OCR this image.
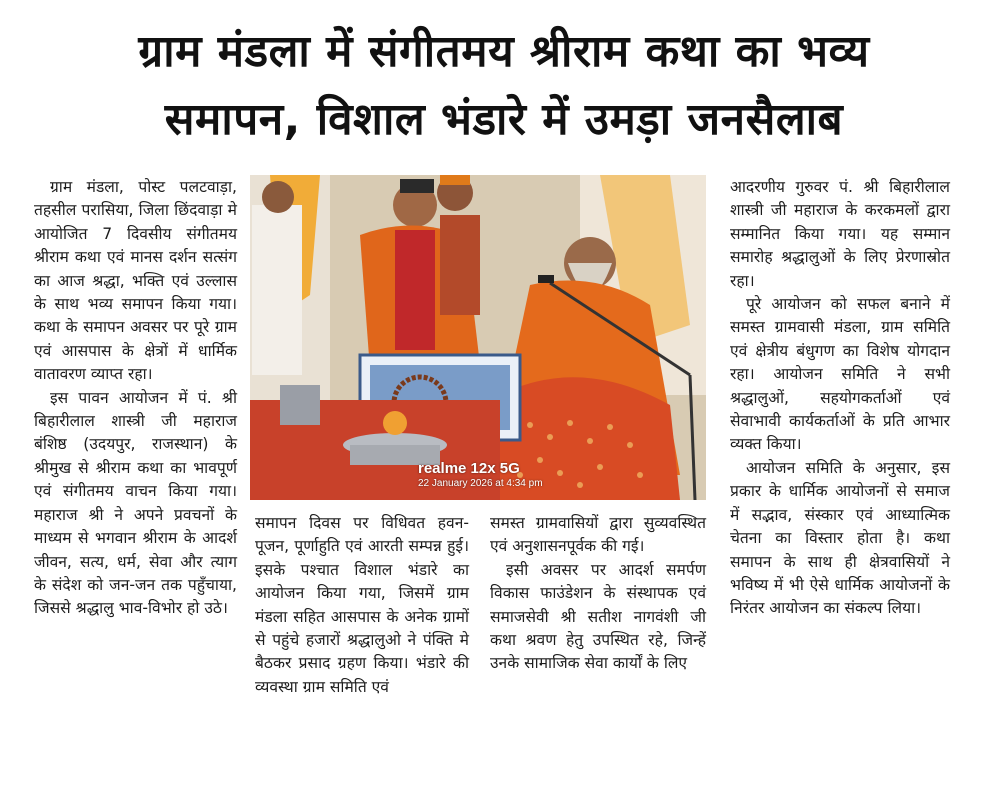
ग्राम मंडला में संगीतमय श्रीराम कथा का भव्य
समापन, विशाल भंडारे में उमड़ा जनसैलाब

ग्राम मंडला, पोस्ट पलटवाड़ा, तहसील परासिया, जिला छिंदवाड़ा मे आयोजित 7 दिवसीय संगीतमय श्रीराम कथा एवं मानस दर्शन सत्संग का आज श्रद्धा, भक्ति एवं उल्लास के साथ भव्य समापन किया गया। कथा के समापन अवसर पर पूरे ग्राम एवं आसपास के क्षेत्रों में धार्मिक वातावरण व्याप्त रहा।

इस पावन आयोजन में पं. श्री बिहारीलाल शास्त्री जी महाराज बंशिष्ठ (उदयपुर, राजस्थान) के श्रीमुख से श्रीराम कथा का भावपूर्ण एवं संगीतमय वाचन किया गया। महाराज श्री ने अपने प्रवचनों के माध्यम से भगवान श्रीराम के आदर्श जीवन, सत्य, धर्म, सेवा और त्याग के संदेश को जन-जन तक पहुँचाया, जिससे श्रद्धालु भाव-विभोर हो उठे।

realme 12x 5G
22 January 2026 at 4:34 pm

समापन दिवस पर विधिवत हवन-पूजन, पूर्णाहुति एवं आरती सम्पन्न हुई। इसके पश्चात विशाल भंडारे का आयोजन किया गया, जिसमें ग्राम मंडला सहित आसपास के अनेक ग्रामों से पहुंचे हजारों श्रद्धालुओ ने पंक्ति मे बैठकर प्रसाद ग्रहण किया। भंडारे की व्यवस्था ग्राम समिति एवं

समस्त ग्रामवासियों द्वारा सुव्यवस्थित एवं अनुशासनपूर्वक की गई।

इसी अवसर पर आदर्श समर्पण विकास फाउंडेशन के संस्थापक एवं समाजसेवी श्री सतीश नागवंशी जी कथा श्रवण हेतु उपस्थित रहे, जिन्हें उनके सामाजिक सेवा कार्यों के लिए

आदरणीय गुरुवर पं. श्री बिहारीलाल शास्त्री जी महाराज के करकमलों द्वारा सम्मानित किया गया। यह सम्मान समारोह श्रद्धालुओं के लिए प्रेरणास्रोत रहा।

पूरे आयोजन को सफल बनाने में समस्त ग्रामवासी मंडला, ग्राम समिति एवं क्षेत्रीय बंधुगण का विशेष योगदान रहा। आयोजन समिति ने सभी श्रद्धालुओं, सहयोगकर्ताओं एवं सेवाभावी कार्यकर्ताओं के प्रति आभार व्यक्त किया।

आयोजन समिति के अनुसार, इस प्रकार के धार्मिक आयोजनों से समाज में सद्भाव, संस्कार एवं आध्यात्मिक चेतना का विस्तार होता है। कथा समापन के साथ ही क्षेत्रवासियों ने भविष्य में भी ऐसे धार्मिक आयोजनों के निरंतर आयोजन का संकल्प लिया।
